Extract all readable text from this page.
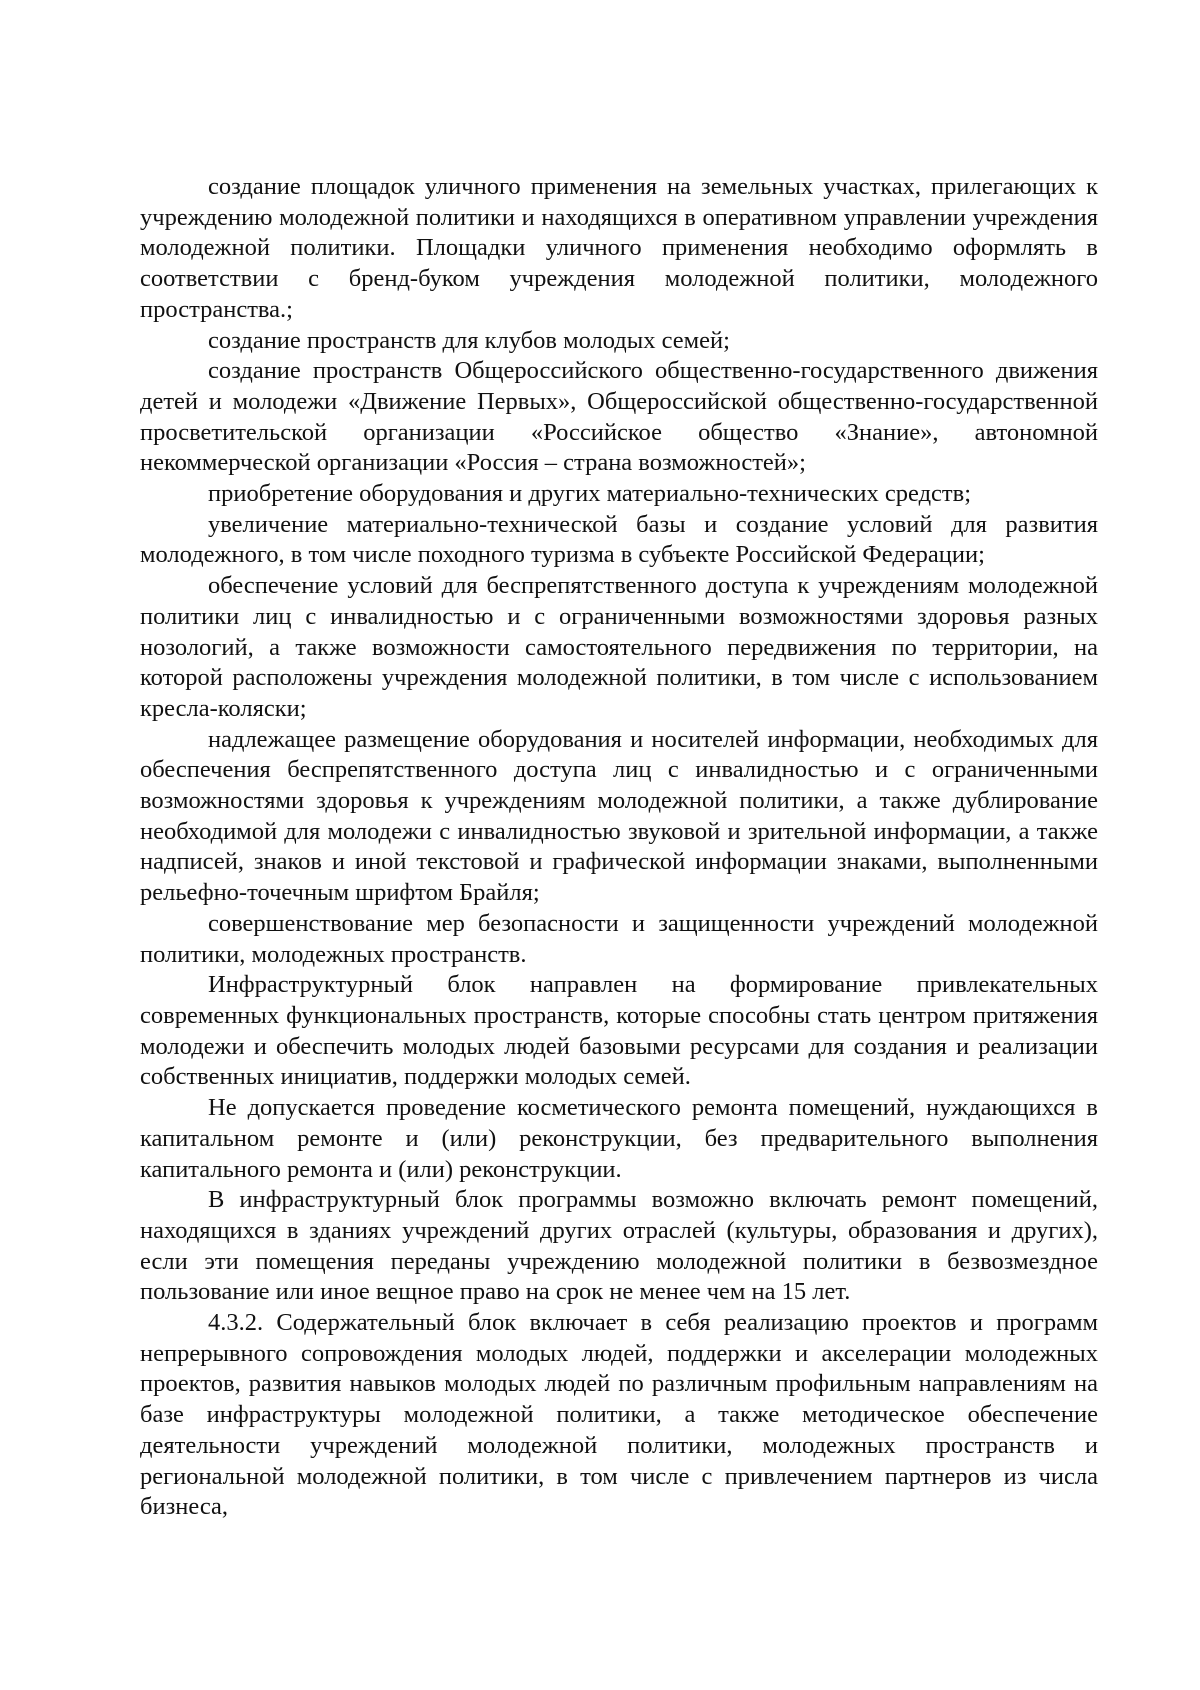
создание площадок уличного применения на земельных участках, прилегающих к учреждению молодежной политики и находящихся в оперативном управлении учреждения молодежной политики. Площадки уличного применения необходимо оформлять в соответствии с бренд-буком учреждения молодежной политики, молодежного пространства.;

создание пространств для клубов молодых семей;

создание пространств Общероссийского общественно-государственного движения детей и молодежи «Движение Первых», Общероссийской общественно-государственной просветительской организации «Российское общество «Знание», автономной некоммерческой организации «Россия – страна возможностей»;

приобретение оборудования и других материально-технических средств;

увеличение материально-технической базы и создание условий для развития молодежного, в том числе походного туризма в субъекте Российской Федерации;

обеспечение условий для беспрепятственного доступа к учреждениям молодежной политики лиц с инвалидностью и с ограниченными возможностями здоровья разных нозологий, а также возможности самостоятельного передвижения по территории, на которой расположены учреждения молодежной политики, в том числе с использованием кресла-коляски;

надлежащее размещение оборудования и носителей информации, необходимых для обеспечения беспрепятственного доступа лиц с инвалидностью и с ограниченными возможностями здоровья к учреждениям молодежной политики, а также дублирование необходимой для молодежи с инвалидностью звуковой и зрительной информации, а также надписей, знаков и иной текстовой и графической информации знаками, выполненными рельефно-точечным шрифтом Брайля;

совершенствование мер безопасности и защищенности учреждений молодежной политики, молодежных пространств.

Инфраструктурный блок направлен на формирование привлекательных современных функциональных пространств, которые способны стать центром притяжения молодежи и обеспечить молодых людей базовыми ресурсами для создания и реализации собственных инициатив, поддержки молодых семей.

Не допускается проведение косметического ремонта помещений, нуждающихся в капитальном ремонте и (или) реконструкции, без предварительного выполнения капитального ремонта и (или) реконструкции.

В инфраструктурный блок программы возможно включать ремонт помещений, находящихся в зданиях учреждений других отраслей (культуры, образования и других), если эти помещения переданы учреждению молодежной политики в безвозмездное пользование или иное вещное право на срок не менее чем на 15 лет.

4.3.2. Содержательный блок включает в себя реализацию проектов и программ непрерывного сопровождения молодых людей, поддержки и акселерации молодежных проектов, развития навыков молодых людей по различным профильным направлениям на базе инфраструктуры молодежной политики, а также методическое обеспечение деятельности учреждений молодежной политики, молодежных пространств и региональной молодежной политики, в том числе с привлечением партнеров из числа бизнеса,
